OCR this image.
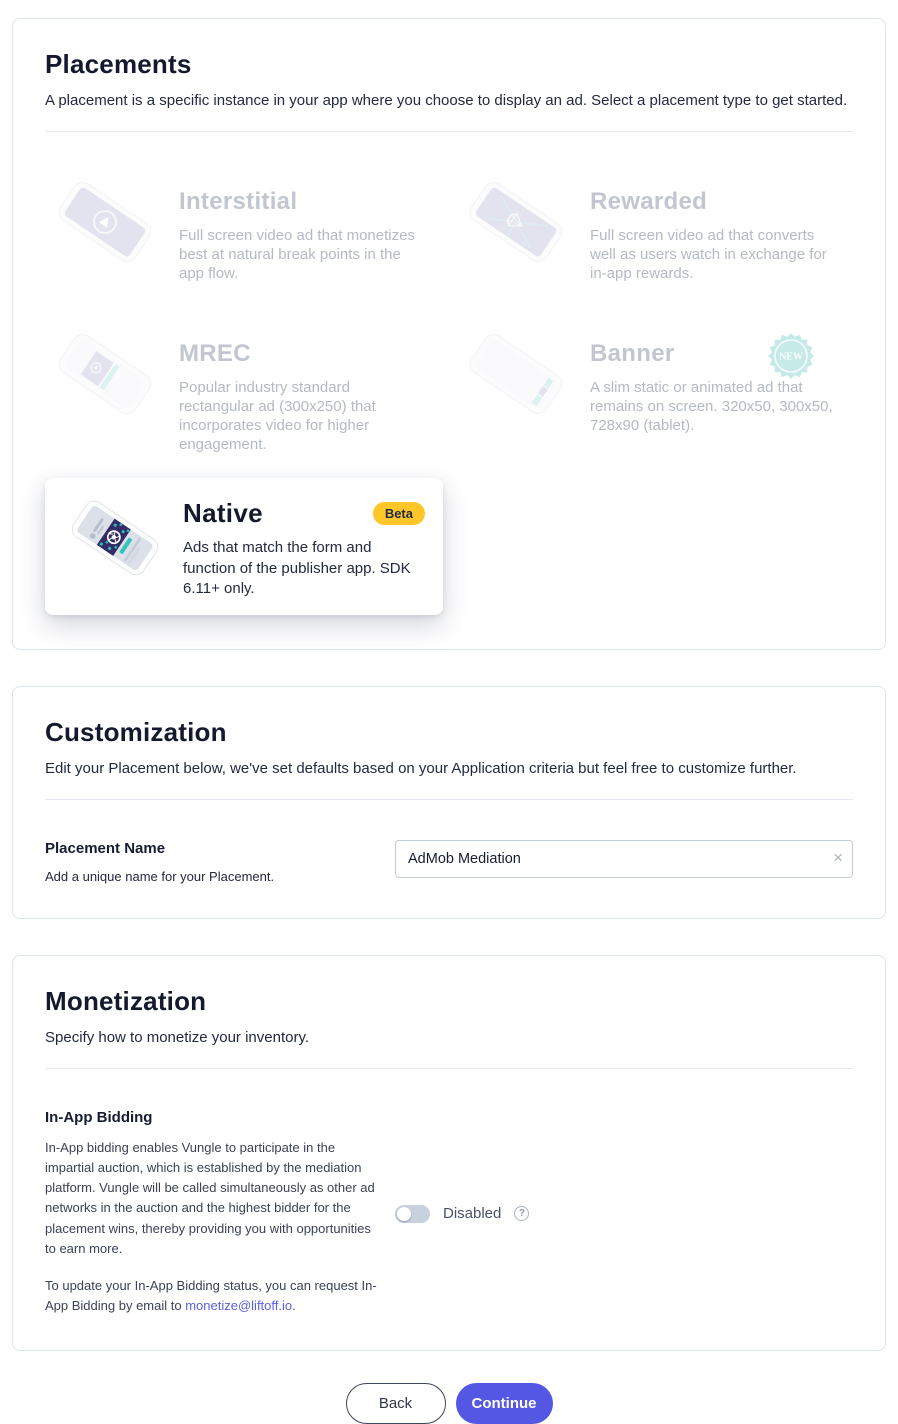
Placements

A placement is a specific instance in your app where you choose to display an ad. Select a placement type to get started.

Interstitial
Full screen video ad that monetizes best at natural break points in the app flow.
Rewarded
Full screen video ad that converts well as users watch in exchange for in-app rewards.
MREC
Popular industry standard rectangular ad (300x250) that incorporates video for higher engagement.
Banner
A slim static or animated ad that remains on screen. 320x50, 300x50, 728x90 (tablet).
NEW
Native	Beta
Ads that match the form and function of the publisher app. SDK 6.11+ only.
Customization

Edit your Placement below, we've set defaults based on your Application criteria but feel free to customize further.

Placement Name
Add a unique name for your Placement.
AdMob Mediation
×
Monetization

Specify how to monetize your inventory.

In-App Bidding

In-App bidding enables Vungle to participate in the impartial auction, which is established by the mediation platform. Vungle will be called simultaneously as other ad networks in the auction and the highest bidder for the placement wins, thereby providing you with opportunities to earn more.

To update your In-App Bidding status, you can request In-App Bidding by email to monetize@liftoff.io.

Disabled	?
Back	Continue
